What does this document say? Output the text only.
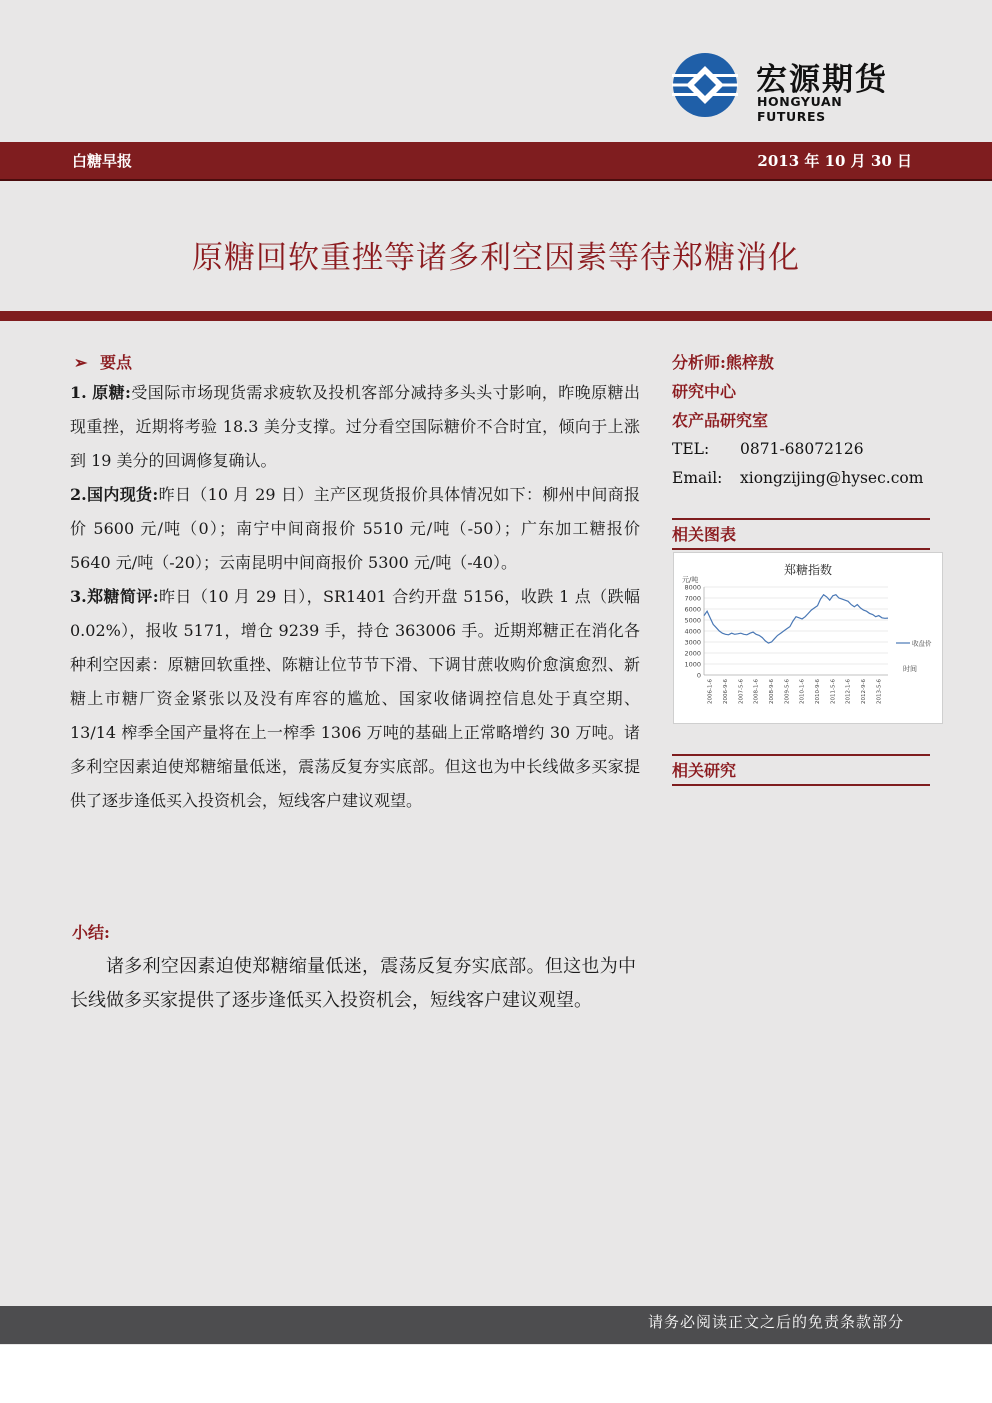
宏源期货
HONGYUAN FUTURES
白糖早报	2013 年 10 月 30 日
原糖回软重挫等诸多利空因素等待郑糖消化
➢ 要点
1. 原糖:受国际市场现货需求疲软及投机客部分减持多头头寸影响，昨晚原糖出现重挫，近期将考验 18.3 美分支撑。过分看空国际糖价不合时宜，倾向于上涨到 19 美分的回调修复确认。
2.国内现货:昨日（10 月 29 日）主产区现货报价具体情况如下：柳州中间商报价 5600 元/吨（0）；南宁中间商报价 5510 元/吨（-50）；广东加工糖报价 5640 元/吨（-20）；云南昆明中间商报价 5300 元/吨（-40）。
3.郑糖简评:昨日（10 月 29 日），SR1401 合约开盘 5156，收跌 1 点（跌幅 0.02%），报收 5171，增仓 9239 手，持仓 363006 手。近期郑糖正在消化各种利空因素：原糖回软重挫、陈糖让位节节下滑、下调甘蔗收购价愈演愈烈、新糖上市糖厂资金紧张以及没有库容的尴尬、国家收储调控信息处于真空期、13/14 榨季全国产量将在上一榨季 1306 万吨的基础上正常略增约 30 万吨。诸多利空因素迫使郑糖缩量低迷，震荡反复夯实底部。但这也为中长线做多买家提供了逐步逢低买入投资机会，短线客户建议观望。
小结:
诸多利空因素迫使郑糖缩量低迷，震荡反复夯实底部。但这也为中长线做多买家提供了逐步逢低买入投资机会，短线客户建议观望。
分析师:熊梓敖
研究中心
农产品研究室
TEL: 0871-68072126
Email: xiongzijing@hysec.com
相关图表
郑糖指数
元/吨
8000
7000
6000
5000
4000
3000
2000
1000
0
2006-1-6 2006-9-6 2007-5-6 2008-1-6 2008-9-6 2009-5-6 2010-1-6 2010-9-6 2011-5-6 2012-1-6 2012-9-6 2013-5-6
收盘价
时间
相关研究
请务必阅读正文之后的免责条款部分
